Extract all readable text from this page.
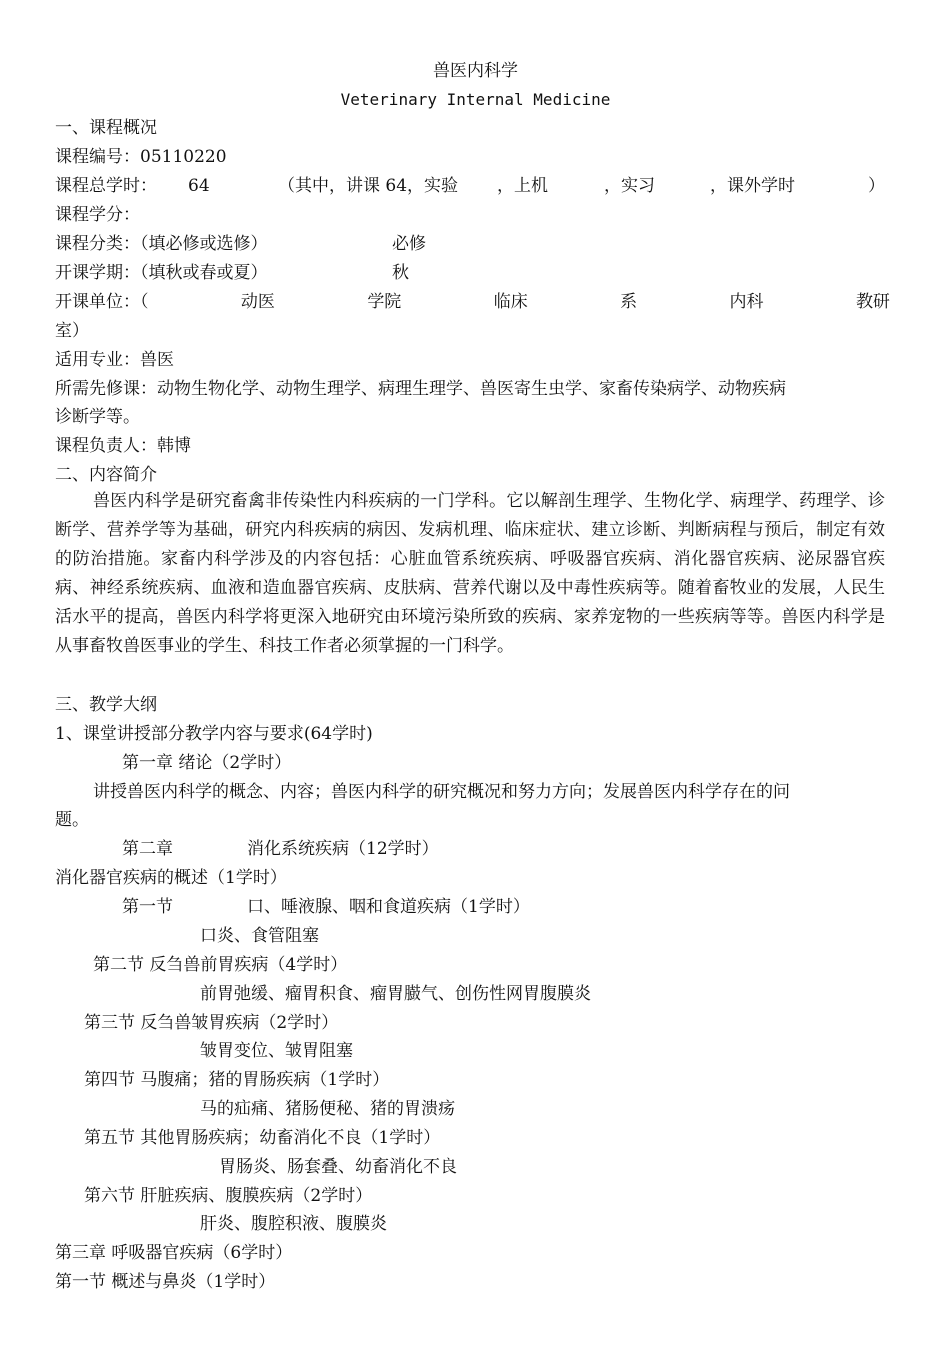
兽医内科学
Veterinary Internal Medicine
一、课程概况
课程编号：05110220
课程总学时： 64	（其中，讲课 64，实验 ，上机	，实习	，课外学时	）
课程学分：
课程分类：（填必修或选修）	必修
开课学期：（填秋或春或夏）	秋
开课单位：（	动医	学院	临床	系	内科	教研
室）
适用专业：兽医
所需先修课：动物生物化学、动物生理学、病理生理学、兽医寄生虫学、家畜传染病学、动物疾病
诊断学等。
课程负责人：韩博
二、内容简介
兽医内科学是研究畜禽非传染性内科疾病的一门学科。它以解剖生理学、生物化学、病理学、药理学、诊断学、营养学等为基础，研究内科疾病的病因、发病机理、临床症状、建立诊断、判断病程与预后，制定有效的防治措施。家畜内科学涉及的内容包括：心脏血管系统疾病、呼吸器官疾病、消化器官疾病、泌尿器官疾病、神经系统疾病、血液和造血器官疾病、皮肤病、营养代谢以及中毒性疾病等。随着畜牧业的发展，人民生活水平的提高，兽医内科学将更深入地研究由环境污染所致的疾病、家养宠物的一些疾病等等。兽医内科学是从事畜牧兽医事业的学生、科技工作者必须掌握的一门科学。
三、教学大纲
1、课堂讲授部分教学内容与要求(64学时)
第一章 绪论（2学时）
讲授兽医内科学的概念、内容；兽医内科学的研究概况和努力方向；发展兽医内科学存在的问
题。
第二章	消化系统疾病（12学时）
消化器官疾病的概述（1学时）
第一节	口、唾液腺、咽和食道疾病（1学时）
口炎、食管阻塞
第二节 反刍兽前胃疾病（4学时）
前胃弛缓、瘤胃积食、瘤胃臌气、创伤性网胃腹膜炎
第三节 反刍兽皱胃疾病（2学时）
皱胃变位、皱胃阻塞
第四节 马腹痛；猪的胃肠疾病（1学时）
马的疝痛、猪肠便秘、猪的胃溃疡
第五节 其他胃肠疾病；幼畜消化不良（1学时）
胃肠炎、肠套叠、幼畜消化不良
第六节 肝脏疾病、腹膜疾病（2学时）
肝炎、腹腔积液、腹膜炎
第三章 呼吸器官疾病（6学时）
第一节 概述与鼻炎（1学时）
